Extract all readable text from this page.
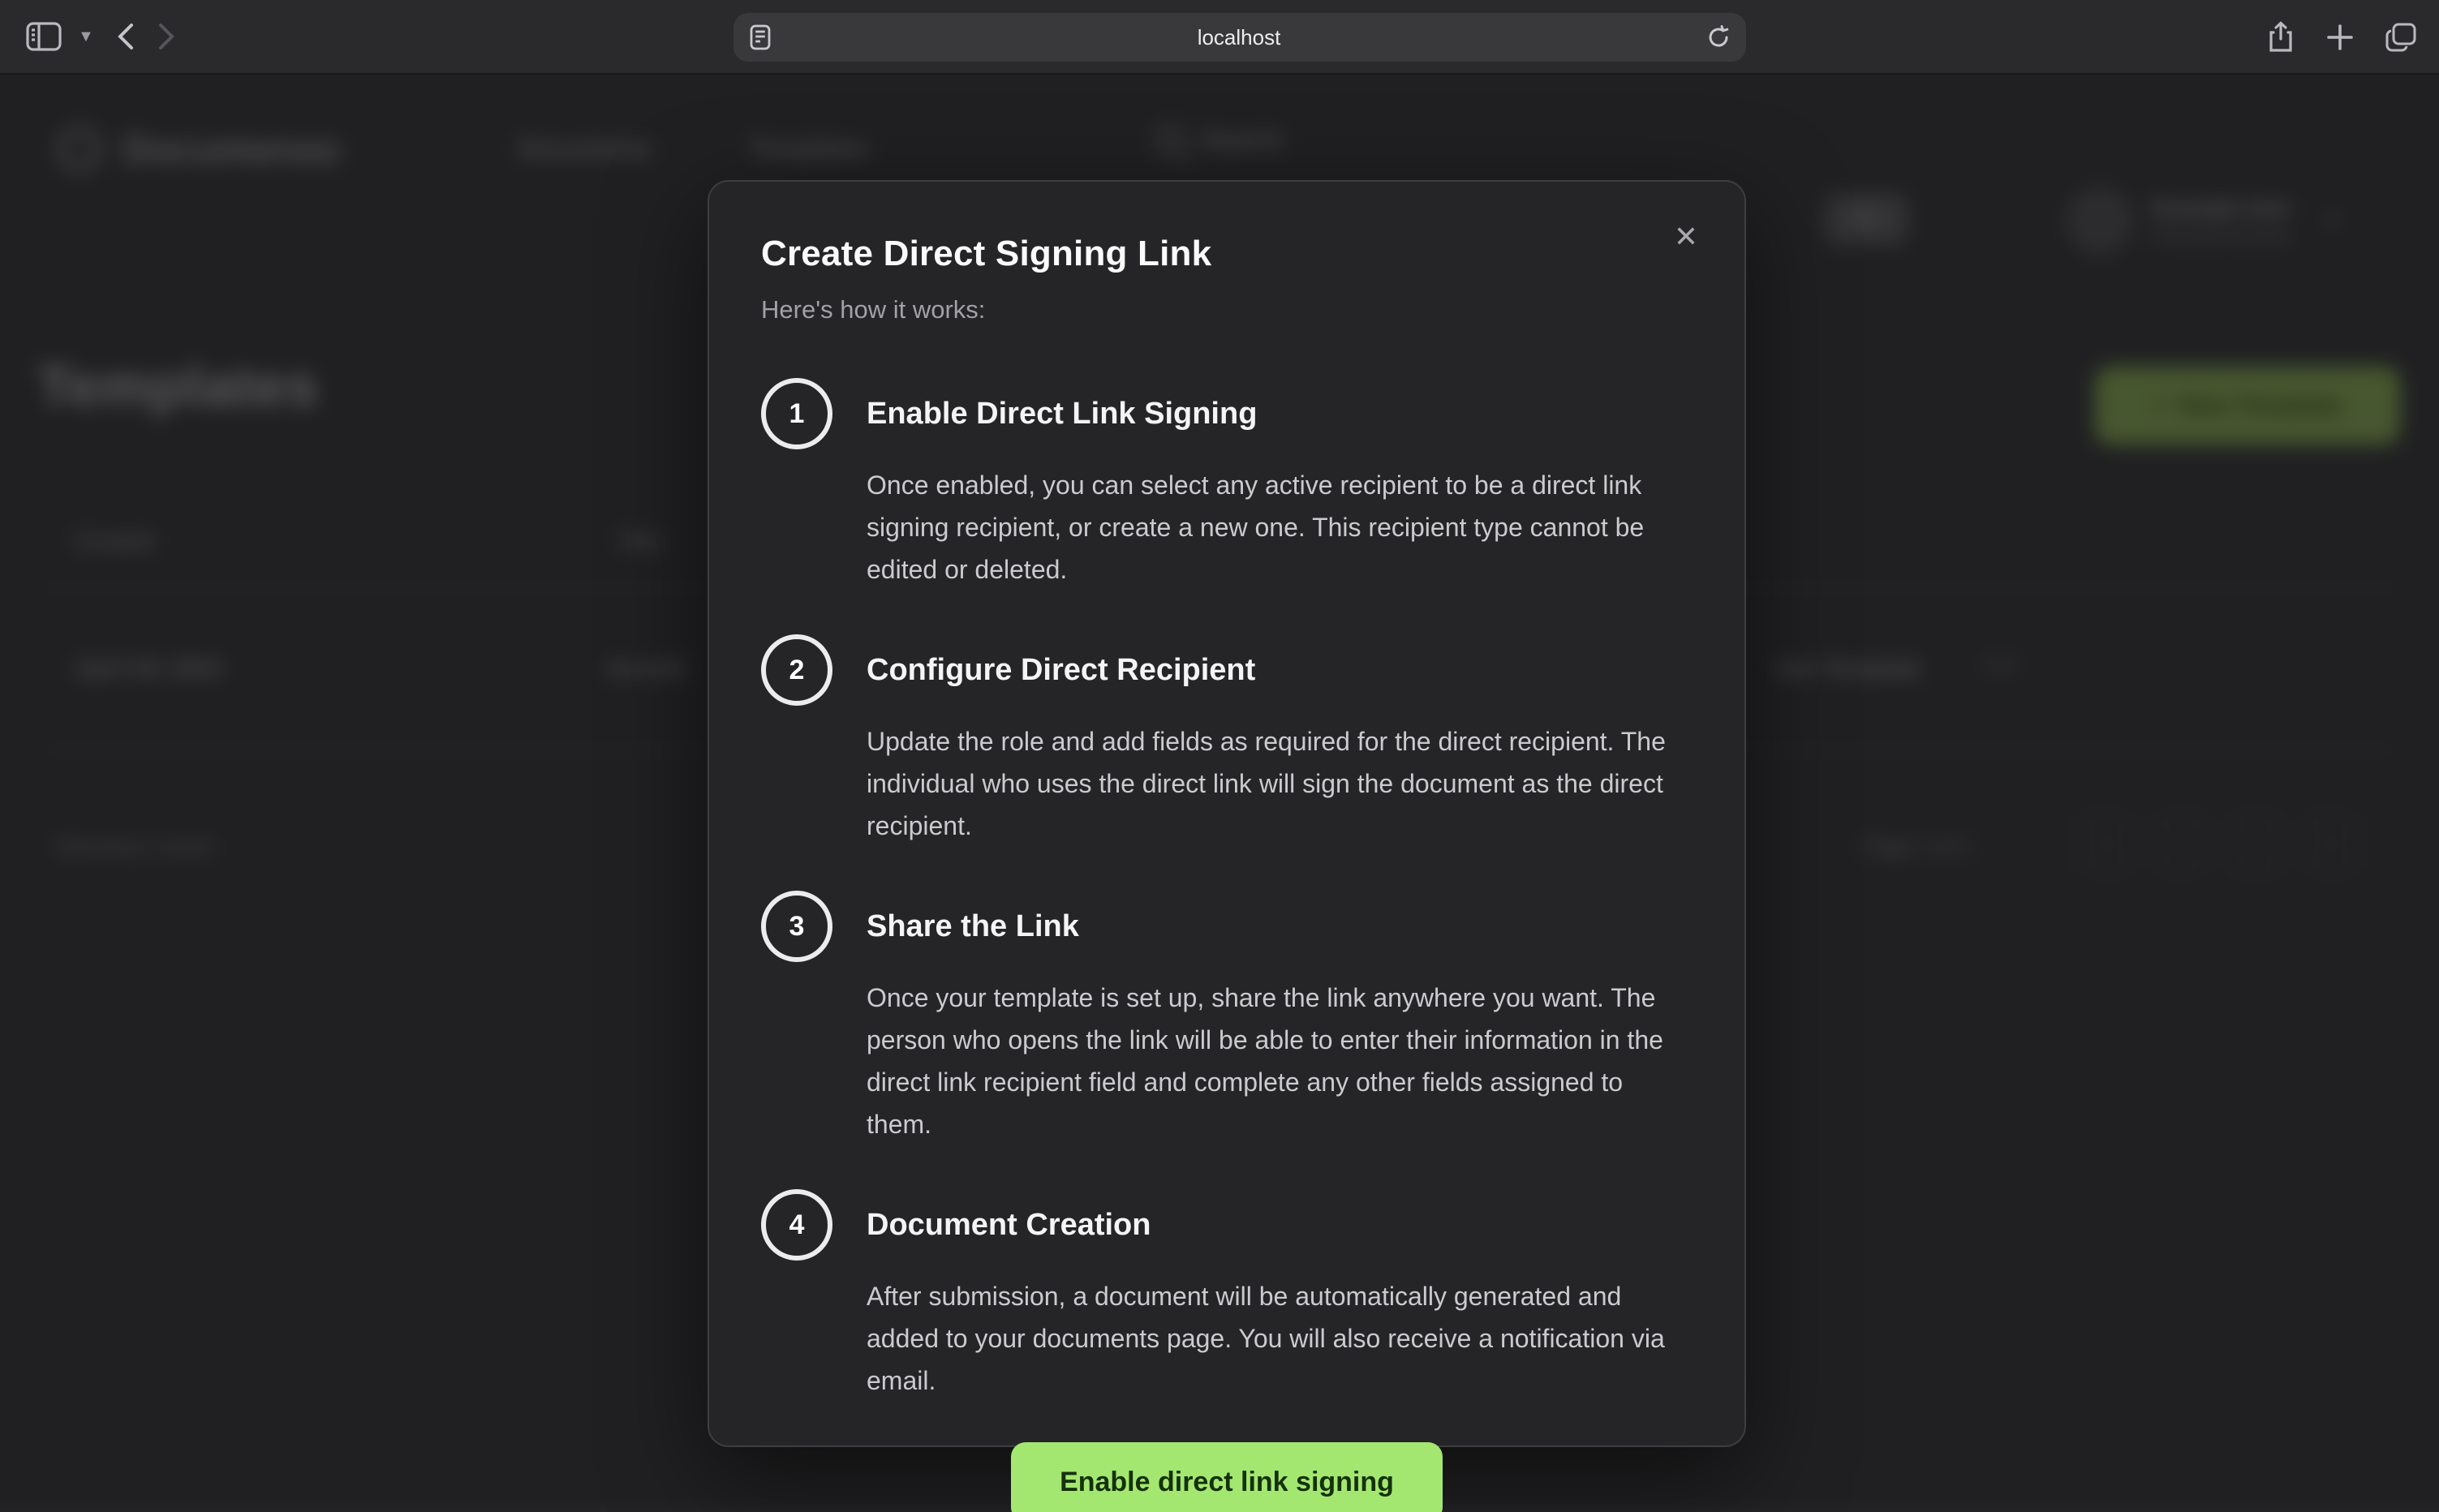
▼	localhost
Documenso	Documents	Templates	Search
⌘K	Example User
Personal Account
▼
Templates	+ New Template
Created	Title
April 30, 2024	Accord	Use Template	•••
Showing 1 result.	Page 1 of 1	«	‹	›	»
✕
Create Direct Signing Link
Here's how it works:
1	Enable Direct Link Signing
Once enabled, you can select any active recipient to be a direct link signing recipient, or create a new one. This recipient type cannot be edited or deleted.
2	Configure Direct Recipient
Update the role and add fields as required for the direct recipient. The individual who uses the direct link will sign the document as the direct recipient.
3	Share the Link
Once your template is set up, share the link anywhere you want. The person who opens the link will be able to enter their information in the direct link recipient field and complete any other fields assigned to them.
4	Document Creation
After submission, a document will be automatically generated and added to your documents page. You will also receive a notification via email.
Enable direct link signing
